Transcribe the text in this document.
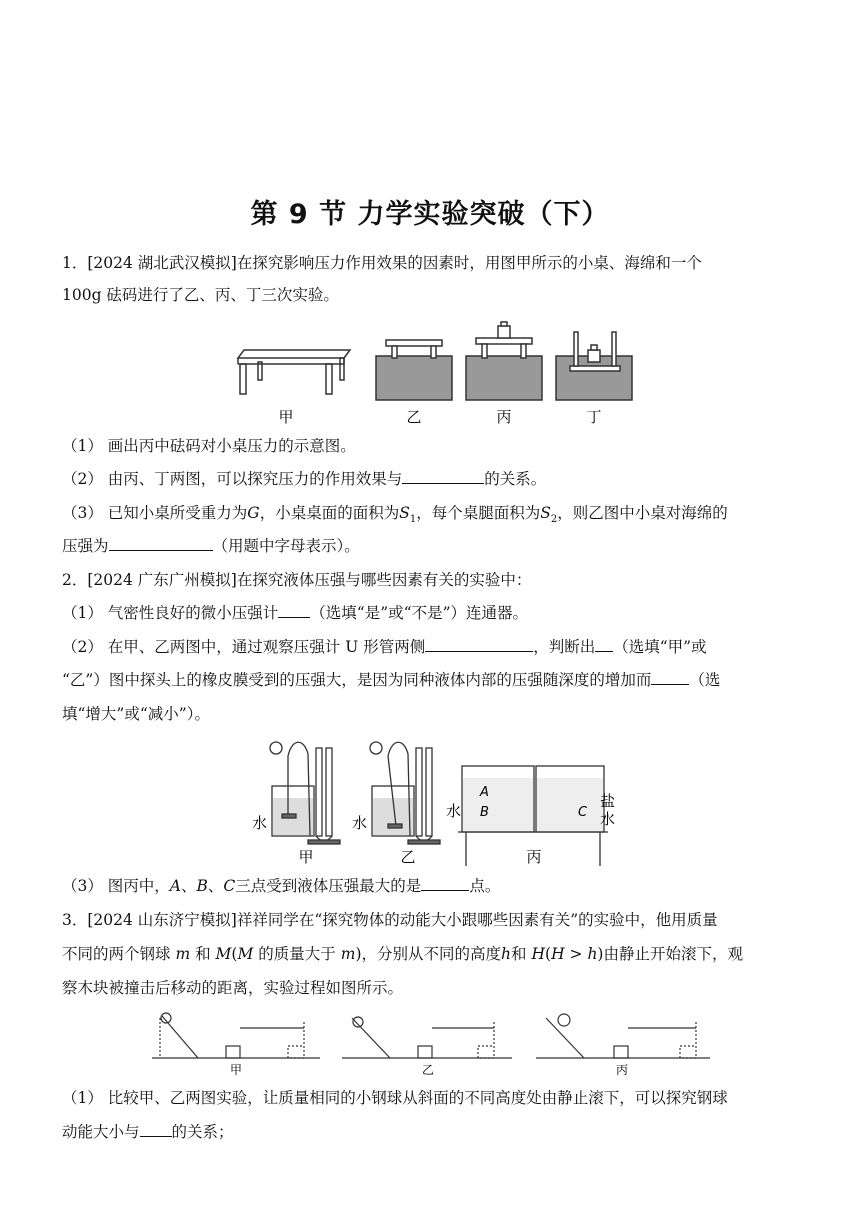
第 9 节 力学实验突破（下）
1．[2024 湖北武汉模拟]在探究影响压力作用效果的因素时，用图甲所示的小桌、海绵和一个
100g 砝码进行了乙、丙、丁三次实验。
甲	乙	丙	丁
（1） 画出丙中砝码对小桌压力的示意图。
（2） 由丙、丁两图，可以探究压力的作用效果与	的关系。
（3） 已知小桌所受重力为G，小桌桌面的面积为$S_1$，每个桌腿面积为$S_2$，则乙图中小桌对海绵的
压强为	（用题中字母表示）。
2．[2024 广东广州模拟]在探究液体压强与哪些因素有关的实验中：
（1） 气密性良好的微小压强计 （选填“是”或“不是”）连通器。
（2） 在甲、乙两图中，通过观察压强计 U 形管两侧	，判断出 （选填“甲”或
“乙”）图中探头上的橡皮膜受到的压强大，是因为同种液体内部的压强随深度的增加而 （选
填“增大”或“减小”）。
水	水
水
盐
水
A
B	C
甲	乙	丙
（3） 图丙中，A、B、C三点受到液体压强最大的是	点。
3．[2024 山东济宁模拟]祥祥同学在“探究物体的动能大小跟哪些因素有关”的实验中，他用质量
不同的两个钢球 m 和 M(M 的质量大于 m)，分别从不同的高度h和 H(H > h)由静止开始滚下，观
察木块被撞击后移动的距离，实验过程如图所示。
甲	乙	丙
（1） 比较甲、乙两图实验，让质量相同的小钢球从斜面的不同高度处由静止滚下，可以探究钢球
动能大小与 的关系；
